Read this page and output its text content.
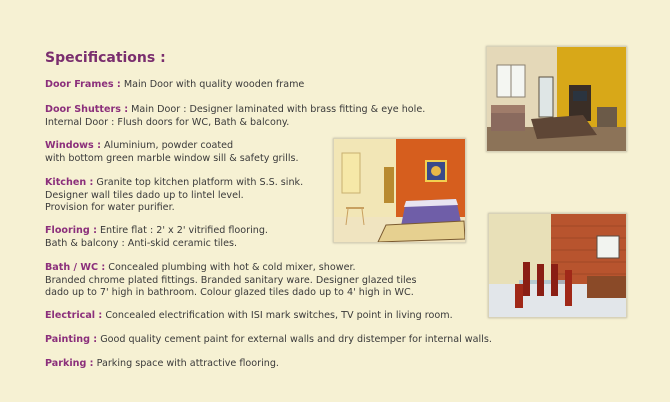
Specifications :

Door Frames : Main Door with quality wooden frame

Door Shutters : Main Door : Designer laminated with brass fitting & eye hole.
Internal Door : Flush doors for WC, Bath & balcony.

Windows : Aluminium, powder coated
with bottom green marble window sill & safety grills.

Kitchen : Granite top kitchen platform with S.S. sink.
Designer wall tiles dado up to lintel level.
Provision for water purifier.

Flooring : Entire flat : 2' x 2' vitrified flooring.
Bath & balcony : Anti-skid ceramic tiles.

Bath / WC : Concealed plumbing with hot & cold mixer, shower.
Branded chrome plated fittings. Branded sanitary ware. Designer glazed tiles
dado up to 7' high in bathroom. Colour glazed tiles dado up to 4' high in WC.

Electrical : Concealed electrification with ISI mark switches, TV point in living room.

Painting : Good quality cement paint for external walls and dry distemper for internal walls.

Parking : Parking space with attractive flooring.
